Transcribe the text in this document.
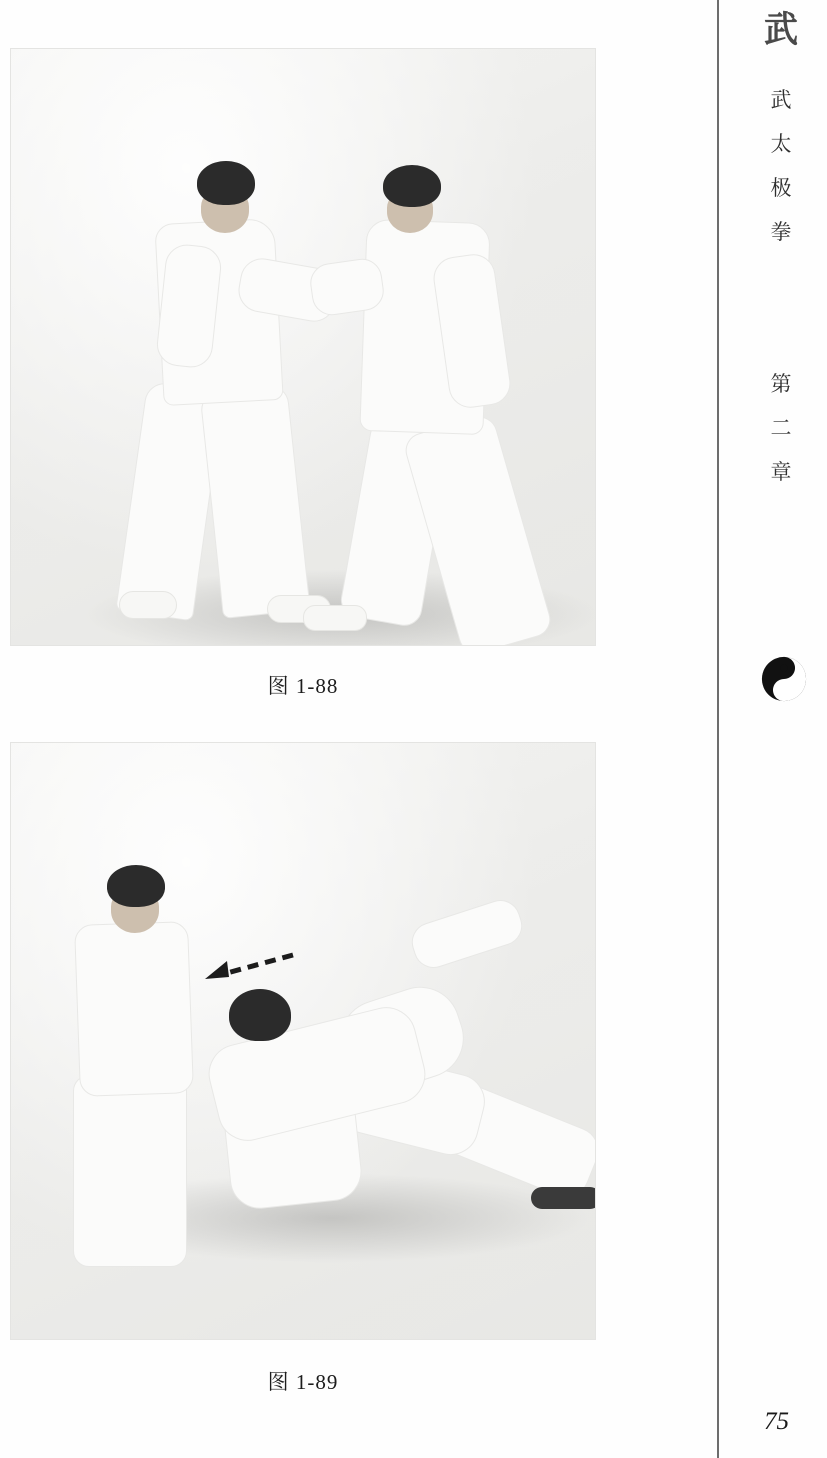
图 1-88
图 1-89
武
武
太
极
拳
第
二
章
75
